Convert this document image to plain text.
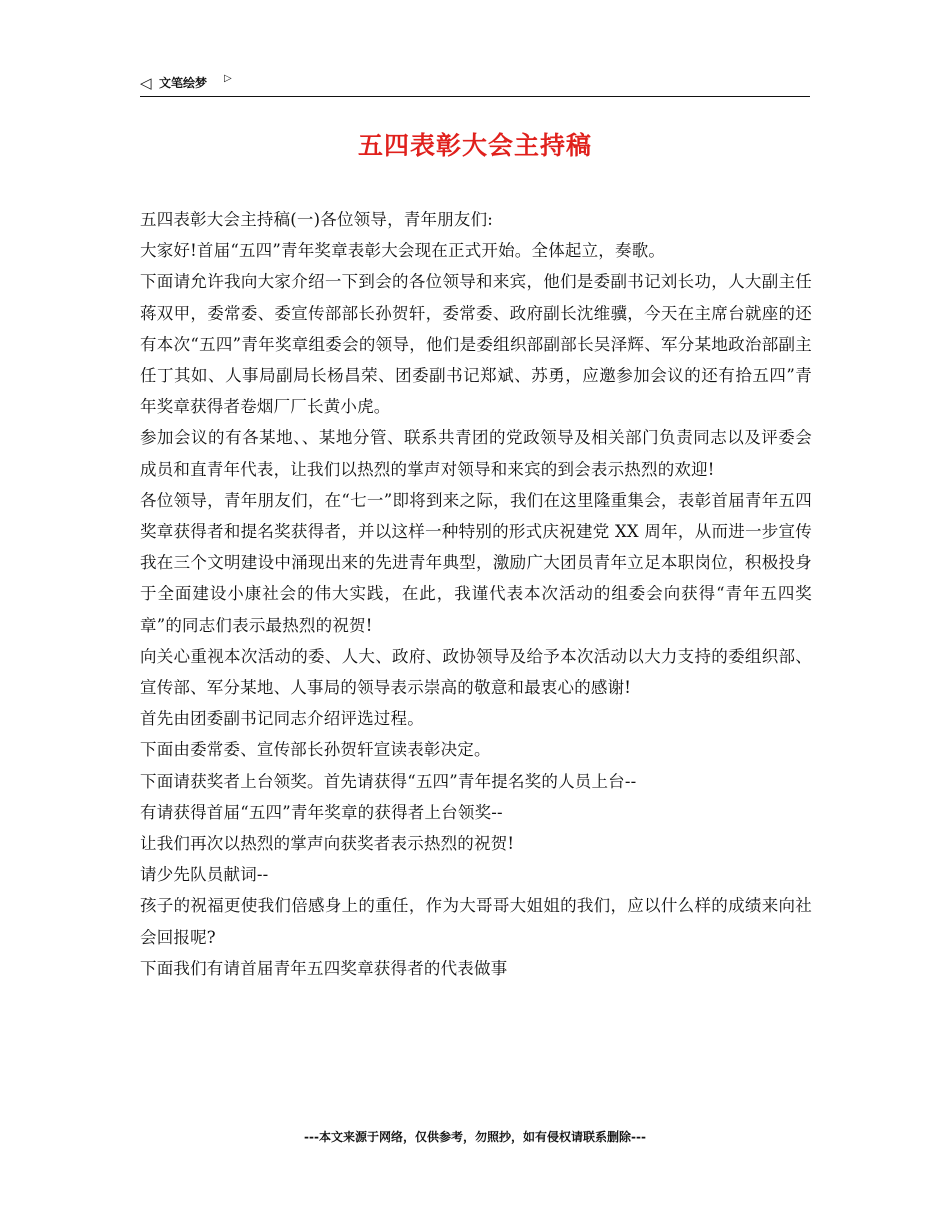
◁ 文笔绘梦 ▷
五四表彰大会主持稿

五四表彰大会主持稿(一)各位领导，青年朋友们:

大家好!首届“五四”青年奖章表彰大会现在正式开始。全体起立，奏歌。

下面请允许我向大家介绍一下到会的各位领导和来宾，他们是委副书记刘长功，人大副主任蒋双甲，委常委、委宣传部部长孙贺轩，委常委、政府副长沈维骥，今天在主席台就座的还有本次“五四”青年奖章组委会的领导，他们是委组织部副部长吴泽辉、军分某地政治部副主任丁其如、人事局副局长杨昌荣、团委副书记郑斌、苏勇，应邀参加会议的还有拾五四”青年奖章获得者卷烟厂厂长黄小虎。

参加会议的有各某地、、某地分管、联系共青团的党政领导及相关部门负责同志以及评委会成员和直青年代表，让我们以热烈的掌声对领导和来宾的到会表示热烈的欢迎!

各位领导，青年朋友们，在“七一”即将到来之际，我们在这里隆重集会，表彰首届青年五四奖章获得者和提名奖获得者，并以这样一种特别的形式庆祝建党 XX 周年，从而进一步宣传我在三个文明建设中涌现出来的先进青年典型，激励广大团员青年立足本职岗位，积极投身于全面建设小康社会的伟大实践，在此，我谨代表本次活动的组委会向获得“青年五四奖章”的同志们表示最热烈的祝贺!

向关心重视本次活动的委、人大、政府、政协领导及给予本次活动以大力支持的委组织部、宣传部、军分某地、人事局的领导表示崇高的敬意和最衷心的感谢!

首先由团委副书记同志介绍评选过程。

下面由委常委、宣传部长孙贺轩宣读表彰决定。

下面请获奖者上台领奖。首先请获得“五四”青年提名奖的人员上台--

有请获得首届“五四”青年奖章的获得者上台领奖--

让我们再次以热烈的掌声向获奖者表示热烈的祝贺!

请少先队员献词--

孩子的祝福更使我们倍感身上的重任，作为大哥哥大姐姐的我们，应以什么样的成绩来向社会回报呢?

下面我们有请首届青年五四奖章获得者的代表做事

---本文来源于网络，仅供参考，勿照抄，如有侵权请联系删除---
